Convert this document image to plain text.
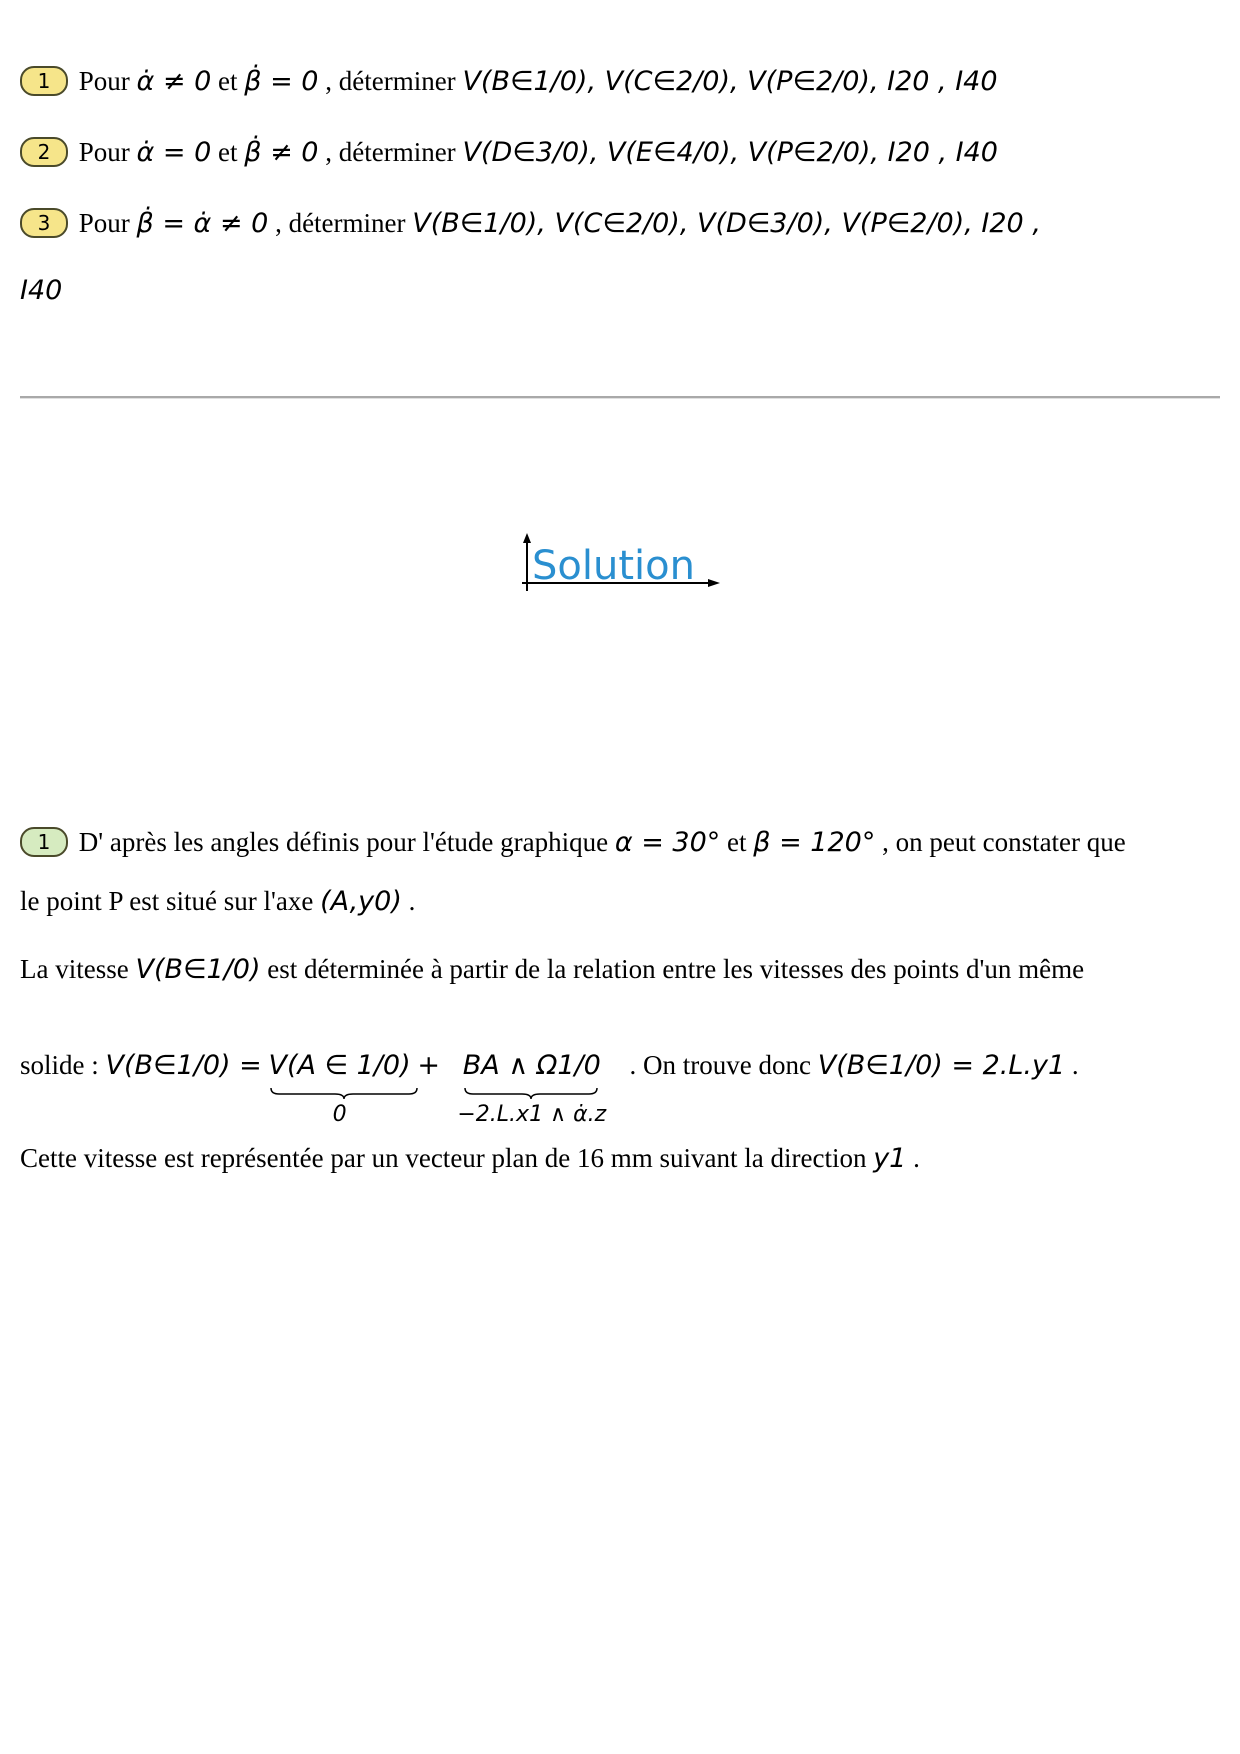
1 Pour α̇ ≠ 0 et β̇ = 0 , déterminer V(B∈1/0), V(C∈2/0), V(P∈2/0), I20 , I40
2 Pour α̇ = 0 et β̇ ≠ 0 , déterminer V(D∈3/0), V(E∈4/0), V(P∈2/0), I20 , I40
3 Pour β̇ = α̇ ≠ 0 , déterminer V(B∈1/0), V(C∈2/0), V(D∈3/0), V(P∈2/0), I20 ,
I40
Solution
1 D' après les angles définis pour l'étude graphique α = 30° et β = 120° , on peut constater que
le point P est situé sur l'axe (A,y0) .
La vitesse V(B∈1/0) est déterminée à partir de la relation entre les vitesses des points d'un même
solide : V(B∈1/0) = V(A ∈ 1/0)
0
+ BA ∧ Ω1/0
−2.L.x1 ∧ α̇.z
. On trouve donc V(B∈1/0) = 2.L.y1 .
Cette vitesse est représentée par un vecteur plan de 16 mm suivant la direction y1 .
